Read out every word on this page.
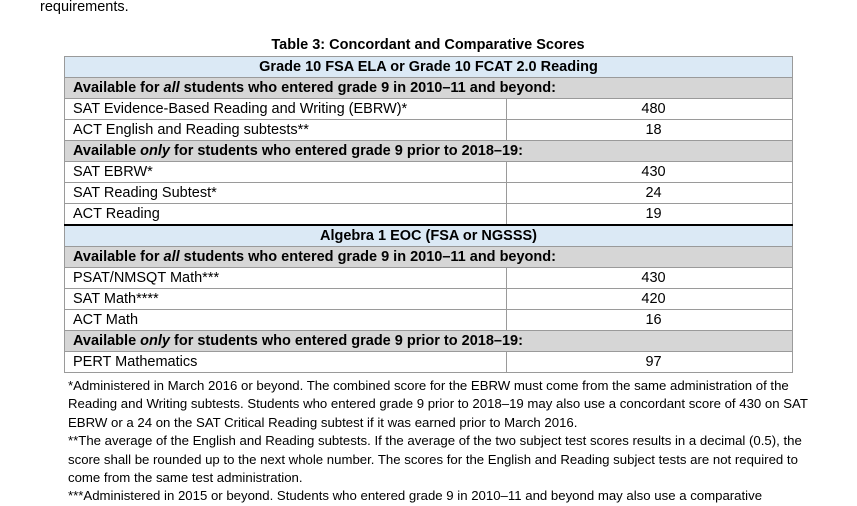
requirements.
Table 3: Concordant and Comparative Scores
Grade 10 FSA ELA or Grade 10 FCAT 2.0 Reading	
Available for all students who entered grade 9 in 2010–11 and beyond:	
SAT Evidence-Based Reading and Writing (EBRW)*	480
ACT English and Reading subtests**	18
Available only for students who entered grade 9 prior to 2018–19:	
SAT EBRW*	430
SAT Reading Subtest*	24
ACT Reading	19
Algebra 1 EOC (FSA or NGSSS)	
Available for all students who entered grade 9 in 2010–11 and beyond:	
PSAT/NMSQT Math***	430
SAT Math****	420
ACT Math	16
Available only for students who entered grade 9 prior to 2018–19:	
PERT Mathematics	97

*Administered in March 2016 or beyond. The combined score for the EBRW must come from the same administration of the Reading and Writing subtests. Students who entered grade 9 prior to 2018–19 may also use a concordant score of 430 on SAT EBRW or a 24 on the SAT Critical Reading subtest if it was earned prior to March 2016.

**The average of the English and Reading subtests. If the average of the two subject test scores results in a decimal (0.5), the score shall be rounded up to the next whole number. The scores for the English and Reading subject tests are not required to come from the same test administration.

***Administered in 2015 or beyond. Students who entered grade 9 in 2010–11 and beyond may also use a comparative
